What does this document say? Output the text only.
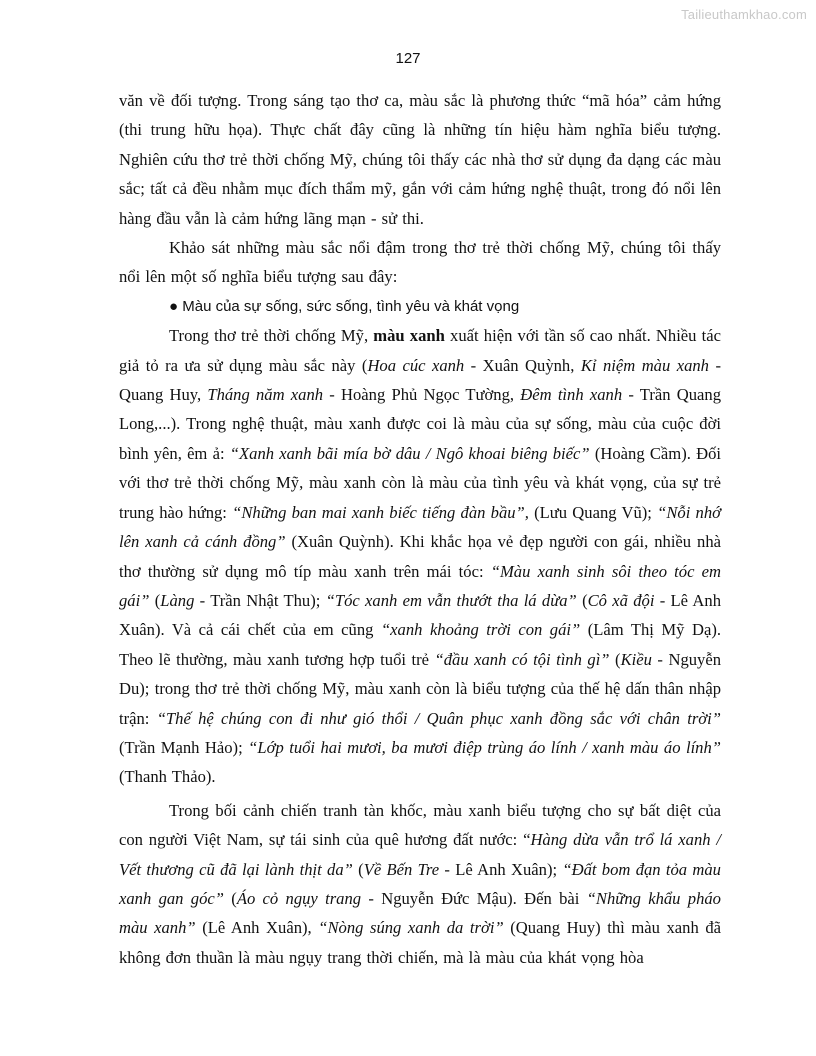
Tailieuthamkhao.com
127

văn về đối tượng. Trong sáng tạo thơ ca, màu sắc là phương thức “mã hóa” cảm hứng (thi trung hữu họa). Thực chất đây cũng là những tín hiệu hàm nghĩa biểu tượng. Nghiên cứu thơ trẻ thời chống Mỹ, chúng tôi thấy các nhà thơ sử dụng đa dạng các màu sắc; tất cả đều nhằm mục đích thẩm mỹ, gắn với cảm hứng nghệ thuật, trong đó nổi lên hàng đầu vẫn là cảm hứng lãng mạn - sử thi.

Khảo sát những màu sắc nổi đậm trong thơ trẻ thời chống Mỹ, chúng tôi thấy nổi lên một số nghĩa biểu tượng sau đây:

● Màu của sự sống, sức sống, tình yêu và khát vọng

Trong thơ trẻ thời chống Mỹ, màu xanh xuất hiện với tần số cao nhất. Nhiều tác giả tỏ ra ưa sử dụng màu sắc này (Hoa cúc xanh - Xuân Quỳnh, Kỉ niệm màu xanh - Quang Huy, Tháng năm xanh - Hoàng Phủ Ngọc Tường, Đêm tình xanh - Trần Quang Long,...). Trong nghệ thuật, màu xanh được coi là màu của sự sống, màu của cuộc đời bình yên, êm ả: “Xanh xanh bãi mía bờ dâu / Ngô khoai biêng biếc” (Hoàng Cầm). Đối với thơ trẻ thời chống Mỹ, màu xanh còn là màu của tình yêu và khát vọng, của sự trẻ trung hào hứng: “Những ban mai xanh biếc tiếng đàn bầu”, (Lưu Quang Vũ); “Nỗi nhớ lên xanh cả cánh đồng” (Xuân Quỳnh). Khi khắc họa vẻ đẹp người con gái, nhiều nhà thơ thường sử dụng mô típ màu xanh trên mái tóc: “Màu xanh sinh sôi theo tóc em gái” (Làng - Trần Nhật Thu); “Tóc xanh em vẫn thướt tha lá dừa” (Cô xã đội - Lê Anh Xuân). Và cả cái chết của em cũng “xanh khoảng trời con gái” (Lâm Thị Mỹ Dạ). Theo lẽ thường, màu xanh tương hợp tuổi trẻ “đầu xanh có tội tình gì” (Kiều - Nguyễn Du); trong thơ trẻ thời chống Mỹ, màu xanh còn là biểu tượng của thế hệ dấn thân nhập trận: “Thế hệ chúng con đi như gió thổi / Quân phục xanh đồng sắc với chân trời” (Trần Mạnh Hảo); “Lớp tuổi hai mươi, ba mươi điệp trùng áo lính / xanh màu áo lính” (Thanh Thảo).

Trong bối cảnh chiến tranh tàn khốc, màu xanh biểu tượng cho sự bất diệt của con người Việt Nam, sự tái sinh của quê hương đất nước: “Hàng dừa vẫn trổ lá xanh / Vết thương cũ đã lại lành thịt da” (Về Bến Tre - Lê Anh Xuân); “Đất bom đạn tỏa màu xanh gan góc” (Áo cỏ ngụy trang - Nguyễn Đức Mậu). Đến bài “Những khẩu pháo màu xanh” (Lê Anh Xuân), “Nòng súng xanh da trời” (Quang Huy) thì màu xanh đã không đơn thuần là màu ngụy trang thời chiến, mà là màu của khát vọng hòa
